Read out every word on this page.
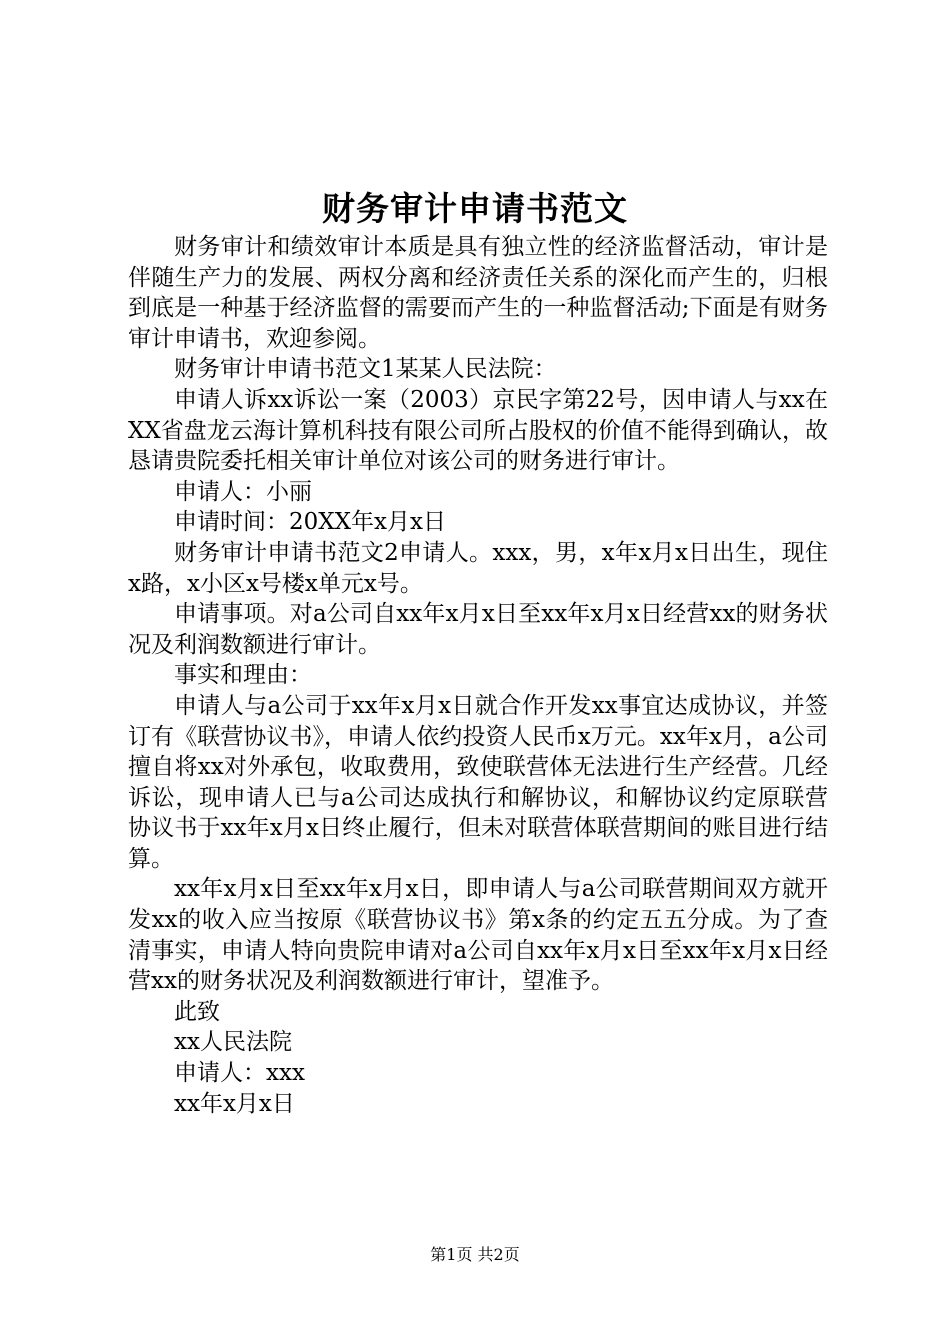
财务审计申请书范文

财务审计和绩效审计本质是具有独立性的经济监督活动，审计是伴随生产力的发展、两权分离和经济责任关系的深化而产生的，归根到底是一种基于经济监督的需要而产生的一种监督活动;下面是有财务审计申请书，欢迎参阅。

财务审计申请书范文1某某人民法院：

申请人诉xx诉讼一案（2003）京民字第22号，因申请人与xx在XX省盘龙云海计算机科技有限公司所占股权的价值不能得到确认，故恳请贵院委托相关审计单位对该公司的财务进行审计。

申请人：小丽

申请时间：20XX年x月x日

财务审计申请书范文2申请人。xxx，男，x年x月x日出生，现住x路，x小区x号楼x单元x号。

申请事项。对a公司自xx年x月x日至xx年x月x日经营xx的财务状况及利润数额进行审计。

事实和理由：

申请人与a公司于xx年x月x日就合作开发xx事宜达成协议，并签订有《联营协议书》，申请人依约投资人民币x万元。xx年x月，a公司擅自将xx对外承包，收取费用，致使联营体无法进行生产经营。几经诉讼，现申请人已与a公司达成执行和解协议，和解协议约定原联营协议书于xx年x月x日终止履行，但未对联营体联营期间的账目进行结算。

xx年x月x日至xx年x月x日，即申请人与a公司联营期间双方就开发xx的收入应当按原《联营协议书》第x条的约定五五分成。为了查清事实，申请人特向贵院申请对a公司自xx年x月x日至xx年x月x日经营xx的财务状况及利润数额进行审计，望准予。

此致

xx人民法院

申请人：xxx

xx年x月x日

第1页 共2页
